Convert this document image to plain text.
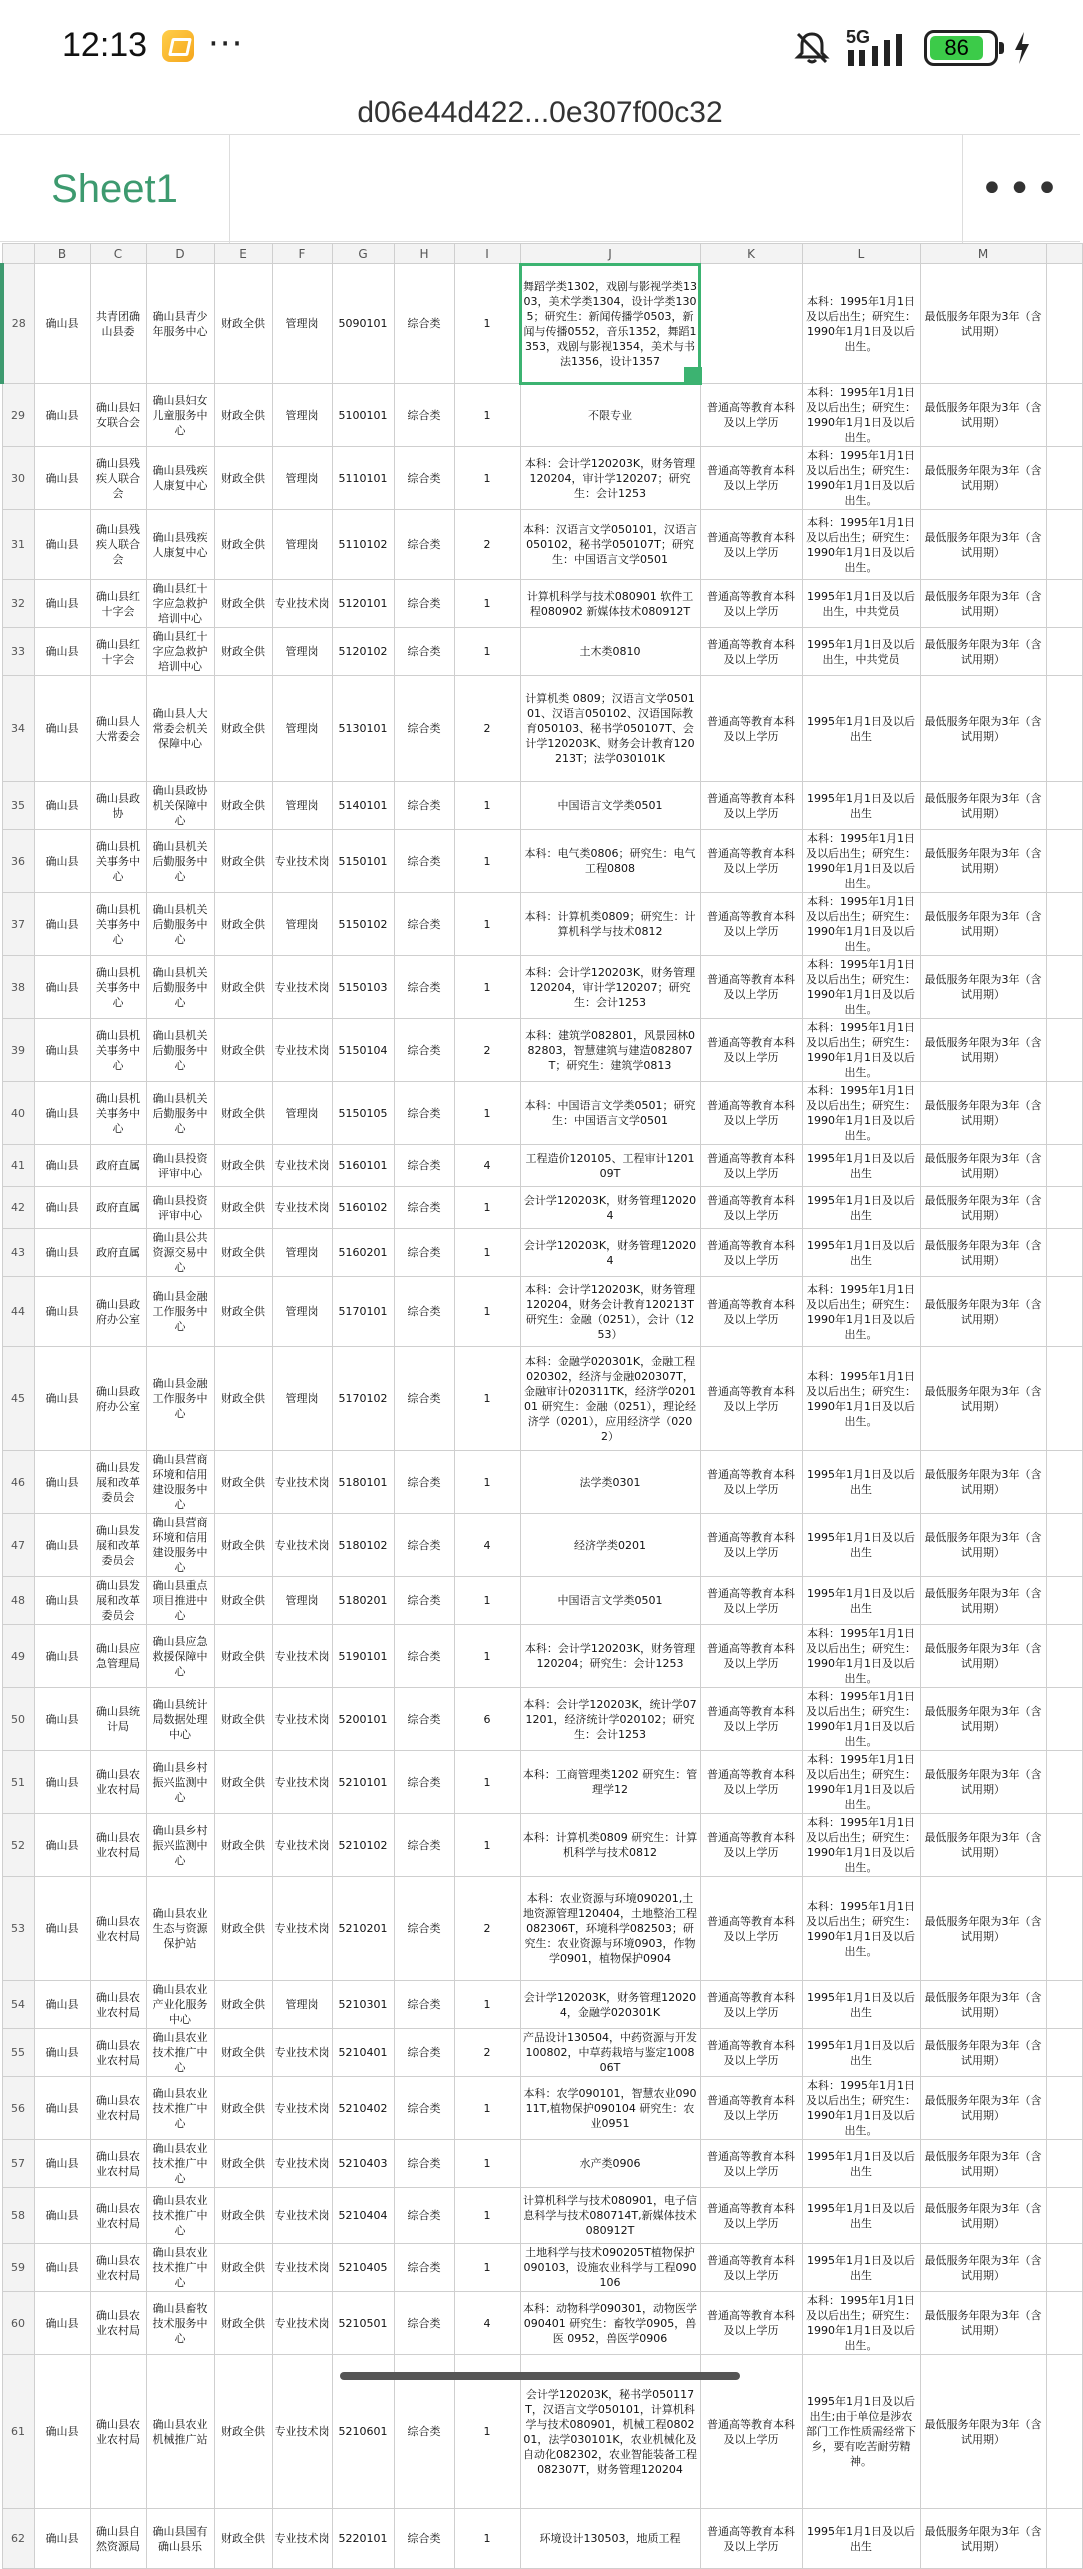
12:13 ···	5G	86
d06e44d422...0e307f00c32
Sheet1	•••
	B	C	D	E	F	G	H	I	J	K	L	M	
28	确山县	共青团确山县委	确山县青少年服务中心	财政全供	管理岗	5090101	综合类	1	舞蹈学类1302，戏剧与影视学类1303，美术学类1304，设计学类1305；研究生：新闻传播学0503，新闻与传播0552，音乐1352，舞蹈1353，戏剧与影视1354，美术与书法1356，设计1357		本科：1995年1月1日及以后出生；研究生：1990年1月1日及以后出生。	最低服务年限为3年（含试用期）	
29	确山县	确山县妇女联合会	确山县妇女儿童服务中心	财政全供	管理岗	5100101	综合类	1	不限专业	普通高等教育本科及以上学历	本科：1995年1月1日及以后出生；研究生：1990年1月1日及以后出生。	最低服务年限为3年（含试用期）	
30	确山县	确山县残疾人联合会	确山县残疾人康复中心	财政全供	管理岗	5110101	综合类	1	本科：会计学120203K，财务管理120204，审计学120207；研究生：会计1253	普通高等教育本科及以上学历	本科：1995年1月1日及以后出生；研究生：1990年1月1日及以后出生。	最低服务年限为3年（含试用期）	
31	确山县	确山县残疾人联合会	确山县残疾人康复中心	财政全供	管理岗	5110102	综合类	2	本科：汉语言文学050101，汉语言050102，秘书学050107T；研究生：中国语言文学0501	普通高等教育本科及以上学历	本科：1995年1月1日及以后出生；研究生：1990年1月1日及以后出生。	最低服务年限为3年（含试用期）	
32	确山县	确山县红十字会	确山县红十字应急救护培训中心	财政全供	专业技术岗	5120101	综合类	1	计算机科学与技术080901 软件工程080902 新媒体技术080912T	普通高等教育本科及以上学历	1995年1月1日及以后出生，中共党员	最低服务年限为3年（含试用期）	
33	确山县	确山县红十字会	确山县红十字应急救护培训中心	财政全供	管理岗	5120102	综合类	1	土木类0810	普通高等教育本科及以上学历	1995年1月1日及以后出生，中共党员	最低服务年限为3年（含试用期）	
34	确山县	确山县人大常委会	确山县人大常委会机关保障中心	财政全供	管理岗	5130101	综合类	2	计算机类 0809；汉语言文学050101、汉语言050102、汉语国际教育050103、秘书学050107T、会计学120203K、财务会计教育120213T；法学030101K	普通高等教育本科及以上学历	1995年1月1日及以后出生	最低服务年限为3年（含试用期）	
35	确山县	确山县政协	确山县政协机关保障中心	财政全供	管理岗	5140101	综合类	1	中国语言文学类0501	普通高等教育本科及以上学历	1995年1月1日及以后出生	最低服务年限为3年（含试用期）	
36	确山县	确山县机关事务中心	确山县机关后勤服务中心	财政全供	专业技术岗	5150101	综合类	1	本科：电气类0806；研究生：电气工程0808	普通高等教育本科及以上学历	本科：1995年1月1日及以后出生；研究生：1990年1月1日及以后出生。	最低服务年限为3年（含试用期）	
37	确山县	确山县机关事务中心	确山县机关后勤服务中心	财政全供	管理岗	5150102	综合类	1	本科：计算机类0809；研究生：计算机科学与技术0812	普通高等教育本科及以上学历	本科：1995年1月1日及以后出生；研究生：1990年1月1日及以后出生。	最低服务年限为3年（含试用期）	
38	确山县	确山县机关事务中心	确山县机关后勤服务中心	财政全供	专业技术岗	5150103	综合类	1	本科：会计学120203K，财务管理120204，审计学120207；研究生：会计1253	普通高等教育本科及以上学历	本科：1995年1月1日及以后出生；研究生：1990年1月1日及以后出生。	最低服务年限为3年（含试用期）	
39	确山县	确山县机关事务中心	确山县机关后勤服务中心	财政全供	专业技术岗	5150104	综合类	2	本科：建筑学082801，风景园林082803，智慧建筑与建造082807T；研究生：建筑学0813	普通高等教育本科及以上学历	本科：1995年1月1日及以后出生；研究生：1990年1月1日及以后出生。	最低服务年限为3年（含试用期）	
40	确山县	确山县机关事务中心	确山县机关后勤服务中心	财政全供	管理岗	5150105	综合类	1	本科：中国语言文学类0501；研究生：中国语言文学0501	普通高等教育本科及以上学历	本科：1995年1月1日及以后出生；研究生：1990年1月1日及以后出生。	最低服务年限为3年（含试用期）	
41	确山县	政府直属	确山县投资评审中心	财政全供	专业技术岗	5160101	综合类	4	工程造价120105、工程审计120109T	普通高等教育本科及以上学历	1995年1月1日及以后出生	最低服务年限为3年（含试用期）	
42	确山县	政府直属	确山县投资评审中心	财政全供	专业技术岗	5160102	综合类	1	会计学120203K，财务管理120204	普通高等教育本科及以上学历	1995年1月1日及以后出生	最低服务年限为3年（含试用期）	
43	确山县	政府直属	确山县公共资源交易中心	财政全供	管理岗	5160201	综合类	1	会计学120203K，财务管理120204	普通高等教育本科及以上学历	1995年1月1日及以后出生	最低服务年限为3年（含试用期）	
44	确山县	确山县政府办公室	确山县金融工作服务中心	财政全供	管理岗	5170101	综合类	1	本科：会计学120203K，财务管理120204，财务会计教育120213T 研究生：金融（0251），会计（1253）	普通高等教育本科及以上学历	本科：1995年1月1日及以后出生；研究生：1990年1月1日及以后出生。	最低服务年限为3年（含试用期）	
45	确山县	确山县政府办公室	确山县金融工作服务中心	财政全供	管理岗	5170102	综合类	1	本科：金融学020301K，金融工程020302，经济与金融020307T，金融审计020311TK，经济学020101 研究生：金融（0251），理论经济学（0201），应用经济学（0202）	普通高等教育本科及以上学历	本科：1995年1月1日及以后出生；研究生：1990年1月1日及以后出生。	最低服务年限为3年（含试用期）	
46	确山县	确山县发展和改革委员会	确山县营商环境和信用建设服务中心	财政全供	专业技术岗	5180101	综合类	1	法学类0301	普通高等教育本科及以上学历	1995年1月1日及以后出生	最低服务年限为3年（含试用期）	
47	确山县	确山县发展和改革委员会	确山县营商环境和信用建设服务中心	财政全供	专业技术岗	5180102	综合类	4	经济学类0201	普通高等教育本科及以上学历	1995年1月1日及以后出生	最低服务年限为3年（含试用期）	
48	确山县	确山县发展和改革委员会	确山县重点项目推进中心	财政全供	管理岗	5180201	综合类	1	中国语言文学类0501	普通高等教育本科及以上学历	1995年1月1日及以后出生	最低服务年限为3年（含试用期）	
49	确山县	确山县应急管理局	确山县应急救援保障中心	财政全供	专业技术岗	5190101	综合类	1	本科：会计学120203K，财务管理120204；研究生：会计1253	普通高等教育本科及以上学历	本科：1995年1月1日及以后出生；研究生：1990年1月1日及以后出生。	最低服务年限为3年（含试用期）	
50	确山县	确山县统计局	确山县统计局数据处理中心	财政全供	专业技术岗	5200101	综合类	6	本科：会计学120203K，统计学071201，经济统计学020102；研究生：会计1253	普通高等教育本科及以上学历	本科：1995年1月1日及以后出生；研究生：1990年1月1日及以后出生。	最低服务年限为3年（含试用期）	
51	确山县	确山县农业农村局	确山县乡村振兴监测中心	财政全供	专业技术岗	5210101	综合类	1	本科：工商管理类1202 研究生：管理学12	普通高等教育本科及以上学历	本科：1995年1月1日及以后出生；研究生：1990年1月1日及以后出生。	最低服务年限为3年（含试用期）	
52	确山县	确山县农业农村局	确山县乡村振兴监测中心	财政全供	专业技术岗	5210102	综合类	1	本科：计算机类0809 研究生：计算机科学与技术0812	普通高等教育本科及以上学历	本科：1995年1月1日及以后出生；研究生：1990年1月1日及以后出生。	最低服务年限为3年（含试用期）	
53	确山县	确山县农业农村局	确山县农业生态与资源保护站	财政全供	专业技术岗	5210201	综合类	2	本科：农业资源与环境090201,土地资源管理120404，土地整治工程082306T，环境科学082503；研究生：农业资源与环境0903，作物学0901，植物保护0904	普通高等教育本科及以上学历	本科：1995年1月1日及以后出生；研究生：1990年1月1日及以后出生。	最低服务年限为3年（含试用期）	
54	确山县	确山县农业农村局	确山县农业产业化服务中心	财政全供	管理岗	5210301	综合类	1	会计学120203K，财务管理120204，金融学020301K	普通高等教育本科及以上学历	1995年1月1日及以后出生	最低服务年限为3年（含试用期）	
55	确山县	确山县农业农村局	确山县农业技术推广中心	财政全供	专业技术岗	5210401	综合类	2	产品设计130504，中药资源与开发100802，中草药栽培与鉴定100806T	普通高等教育本科及以上学历	1995年1月1日及以后出生	最低服务年限为3年（含试用期）	
56	确山县	确山县农业农村局	确山县农业技术推广中心	财政全供	专业技术岗	5210402	综合类	1	本科：农学090101，智慧农业09011T,植物保护090104 研究生：农业0951	普通高等教育本科及以上学历	本科：1995年1月1日及以后出生；研究生：1990年1月1日及以后出生。	最低服务年限为3年（含试用期）	
57	确山县	确山县农业农村局	确山县农业技术推广中心	财政全供	专业技术岗	5210403	综合类	1	水产类0906	普通高等教育本科及以上学历	1995年1月1日及以后出生	最低服务年限为3年（含试用期）	
58	确山县	确山县农业农村局	确山县农业技术推广中心	财政全供	专业技术岗	5210404	综合类	1	计算机科学与技术080901，电子信息科学与技术080714T,新媒体技术080912T	普通高等教育本科及以上学历	1995年1月1日及以后出生	最低服务年限为3年（含试用期）	
59	确山县	确山县农业农村局	确山县农业技术推广中心	财政全供	专业技术岗	5210405	综合类	1	土地科学与技术090205T植物保护090103，设施农业科学与工程090106	普通高等教育本科及以上学历	1995年1月1日及以后出生	最低服务年限为3年（含试用期）	
60	确山县	确山县农业农村局	确山县畜牧技术服务中心	财政全供	专业技术岗	5210501	综合类	4	本科：动物科学090301，动物医学 090401 研究生：畜牧学0905，兽医 0952，兽医学0906	普通高等教育本科及以上学历	本科：1995年1月1日及以后出生；研究生：1990年1月1日及以后出生。	最低服务年限为3年（含试用期）	
61	确山县	确山县农业农村局	确山县农业机械推广站	财政全供	专业技术岗	5210601	综合类	1	会计学120203K，秘书学050117T，汉语言文学050101，计算机科学与技术080901，机械工程080201，法学030101K，农业机械化及自动化082302，农业智能装备工程082307T，财务管理120204	普通高等教育本科及以上学历	1995年1月1日及以后出生;由于单位是涉农部门工作性质需经常下乡，要有吃苦耐劳精神。	最低服务年限为3年（含试用期）	
62	确山县	确山县自然资源局	确山县国有确山县乐	财政全供	专业技术岗	5220101	综合类	1	环境设计130503，地质工程	普通高等教育本科及以上学历	1995年1月1日及以后出生	最低服务年限为3年（含试用期）	
